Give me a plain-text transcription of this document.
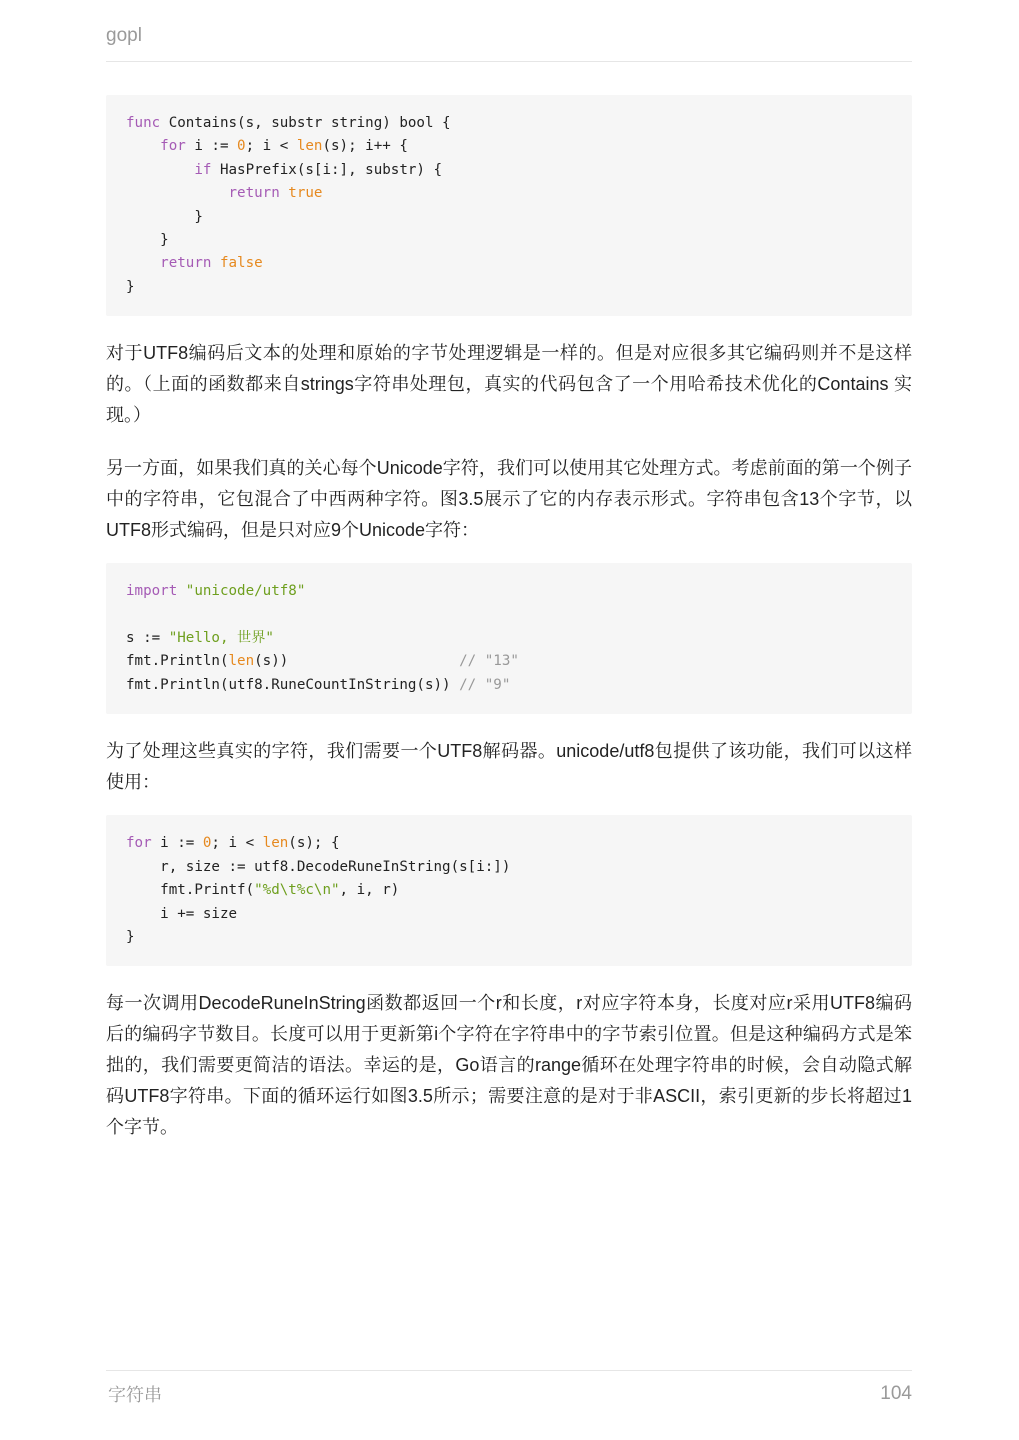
gopl
func Contains(s, substr string) bool {
for i := 0; i < len(s); i++ {
if HasPrefix(s[i:], substr) {
return true
}
}
return false
}

对于UTF8编码后文本的处理和原始的字节处理逻辑是一样的。但是对应很多其它编码则并不是这样的。（上面的函数都来自strings字符串处理包，真实的代码包含了一个用哈希技术优化的Contains 实现。）

另一方面，如果我们真的关心每个Unicode字符，我们可以使用其它处理方式。考虑前面的第一个例子中的字符串，它包混合了中西两种字符。图3.5展示了它的内存表示形式。字符串包含13个字节，以UTF8形式编码，但是只对应9个Unicode字符：

import "unicode/utf8"

s := "Hello, 世界"
fmt.Println(len(s))                    // "13"
fmt.Println(utf8.RuneCountInString(s)) // "9"

为了处理这些真实的字符，我们需要一个UTF8解码器。unicode/utf8包提供了该功能，我们可以这样使用：

for i := 0; i < len(s); {
r, size := utf8.DecodeRuneInString(s[i:])
fmt.Printf("%d\t%c\n", i, r)
i += size
}

每一次调用DecodeRuneInString函数都返回一个r和长度，r对应字符本身，长度对应r采用UTF8编码后的编码字节数目。长度可以用于更新第i个字符在字符串中的字节索引位置。但是这种编码方式是笨拙的，我们需要更简洁的语法。幸运的是，Go语言的range循环在处理字符串的时候，会自动隐式解码UTF8字符串。下面的循环运行如图3.5所示；需要注意的是对于非ASCII，索引更新的步长将超过1个字节。

字符串	104
